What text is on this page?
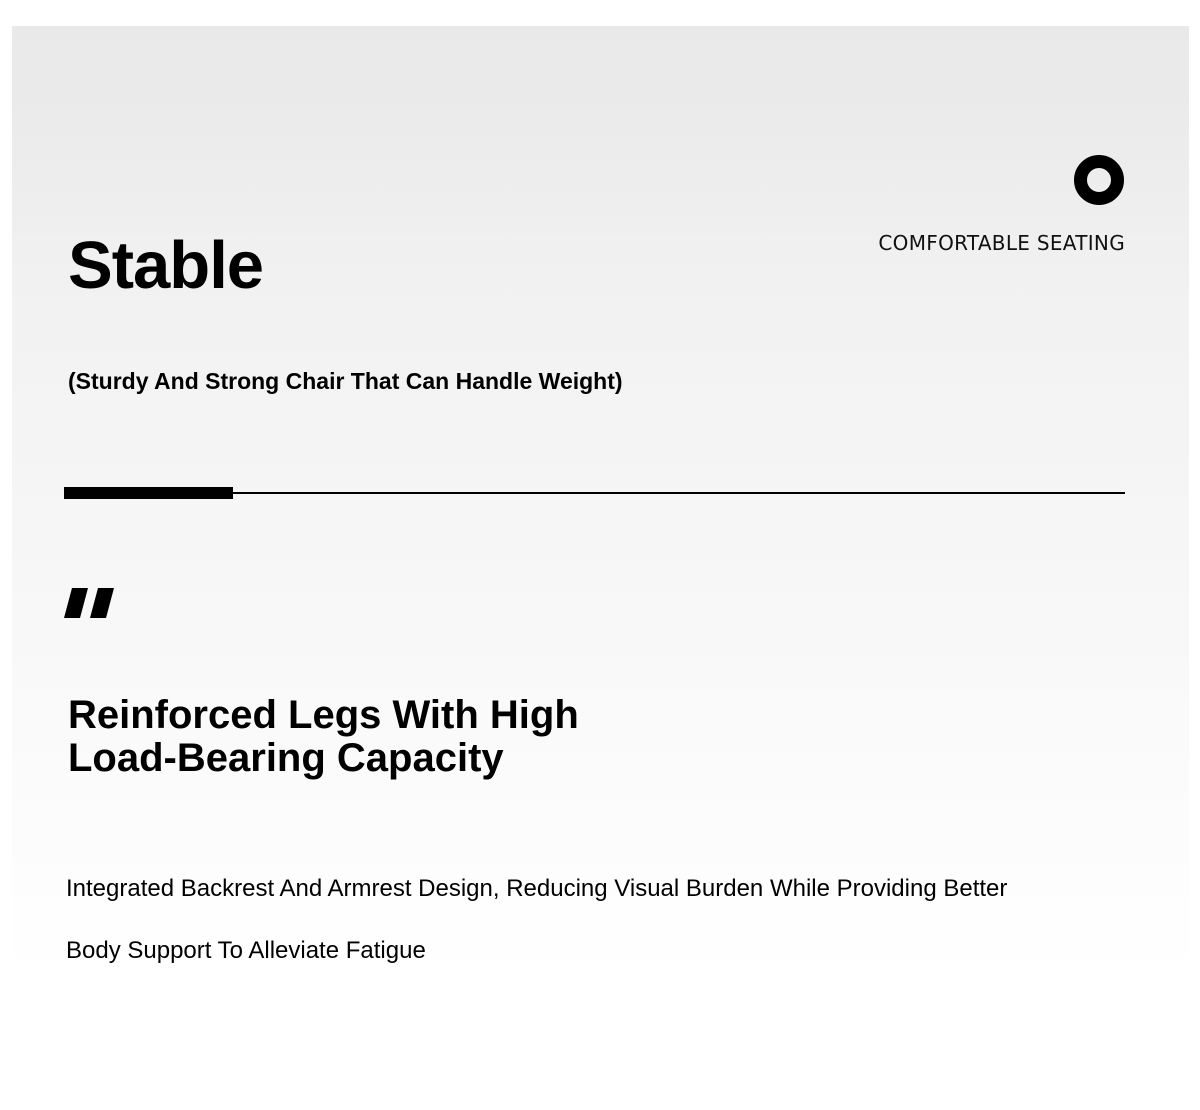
COMFORTABLE SEATING
Stable
(Sturdy And Strong Chair That Can Handle Weight)
Reinforced Legs With High Load-Bearing Capacity

Integrated Backrest And Armrest Design, Reducing Visual Burden While Providing Better Body Support To Alleviate Fatigue
